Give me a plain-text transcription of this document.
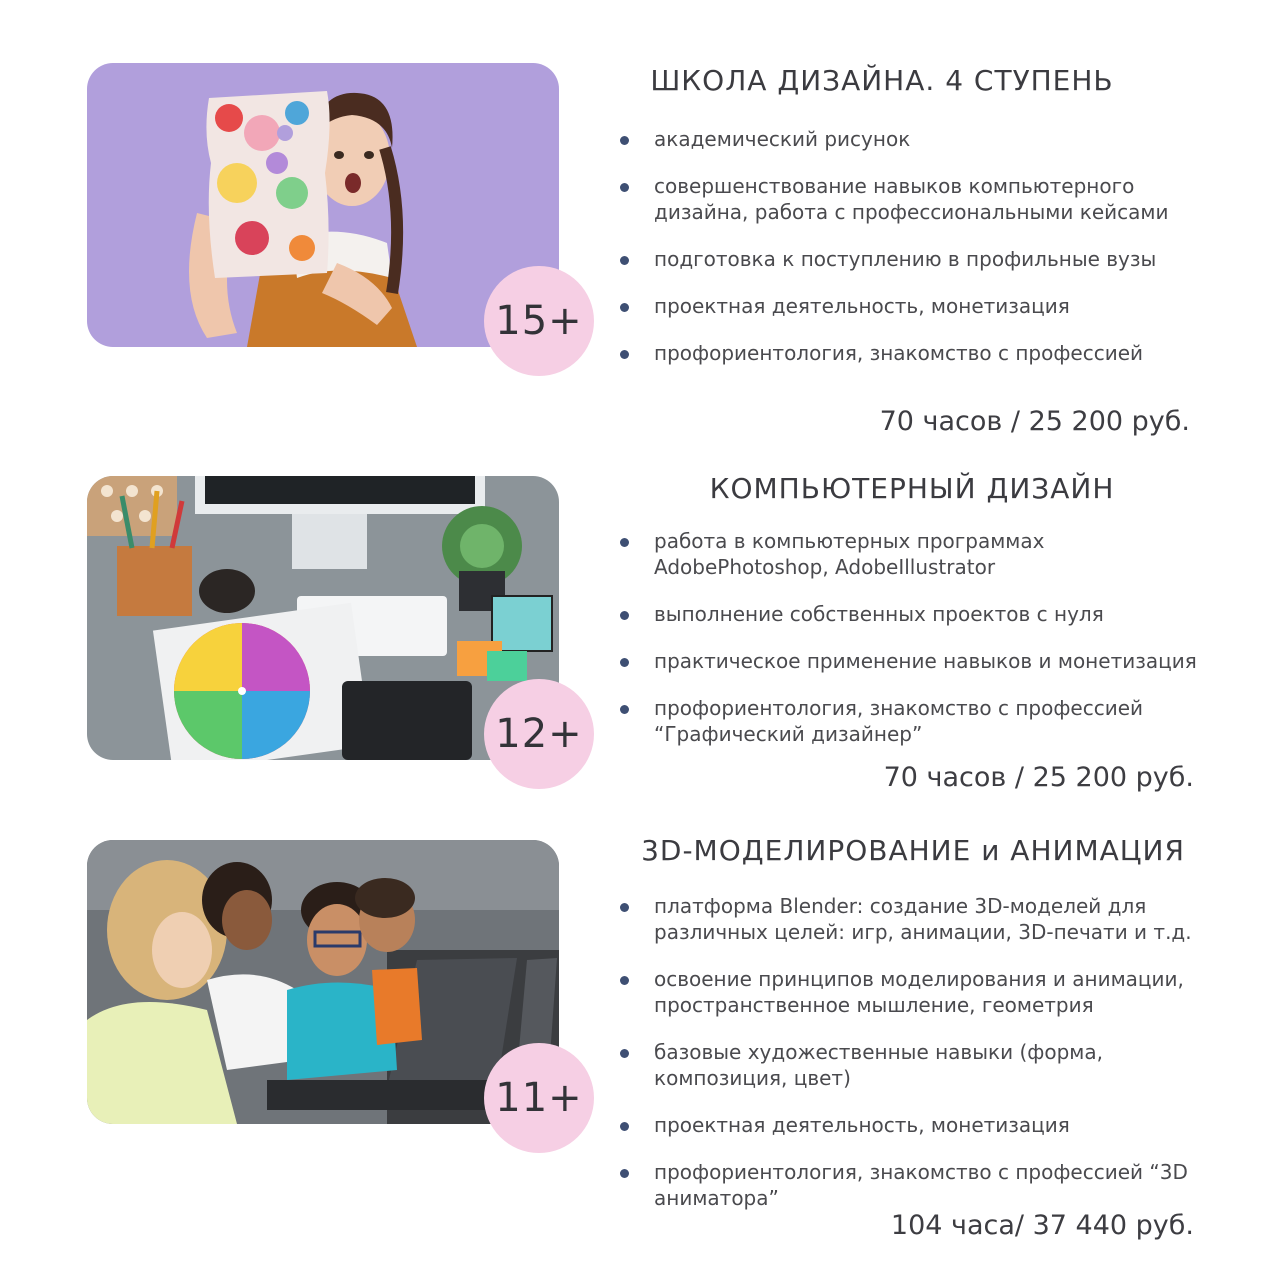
15+
ШКОЛА ДИЗАЙНА. 4 СТУПЕНЬ
академический рисунок
совершенствование навыков компьютерного дизайна, работа с профессиональными кейсами
подготовка к поступлению в профильные вузы
проектная деятельность, монетизация
профориентология, знакомство с профессией
70 часов / 25 200 руб.
12+
КОМПЬЮТЕРНЫЙ ДИЗАЙН
работа в компьютерных программах AdobePhotoshop, AdobeIllustrator
выполнение собственных проектов с нуля
практическое применение навыков и монетизация
профориентология, знакомство с профессией “Графический дизайнер”
70 часов / 25 200 руб.
11+
3D-МОДЕЛИРОВАНИЕ и АНИМАЦИЯ
платформа Blender: создание 3D-моделей для различных целей: игр, анимации, 3D-печати и т.д.
освоение принципов моделирования и анимации, пространственное мышление, геометрия
базовые художественные навыки (форма, композиция, цвет)
проектная деятельность, монетизация
профориентология, знакомство с профессией “3D аниматора”
104 часа/ 37 440 руб.
